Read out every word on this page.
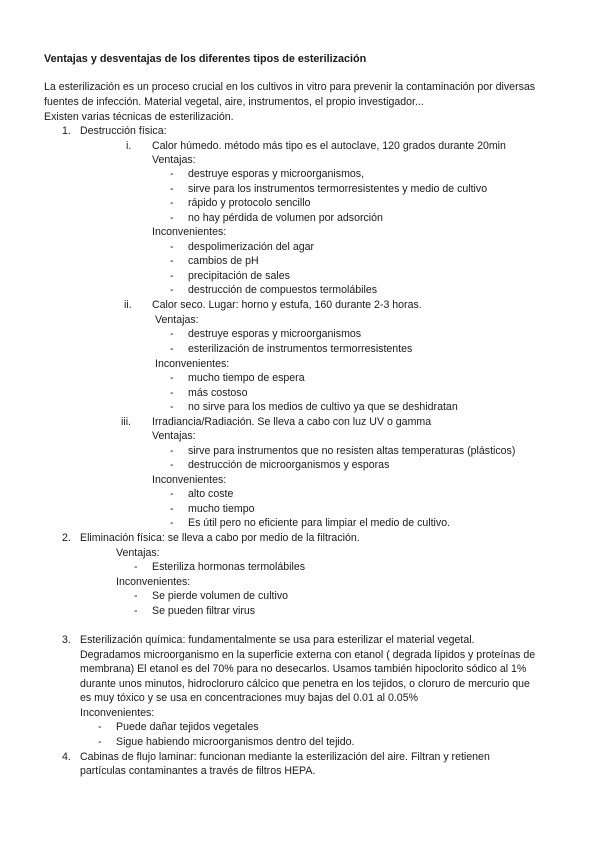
Ventajas y desventajas de los diferentes tipos de esterilización
La esterilización es un proceso crucial en los cultivos in vitro para prevenir la contaminación por diversas
fuentes de infección. Material vegetal, aire, instrumentos, el propio investigador...
Existen varias técnicas de esterilización.
1. Destrucción física:
i. Calor húmedo. método más tipo es el autoclave, 120 grados durante 20min
Ventajas:
- destruye esporas y microorganismos,
- sirve para los instrumentos termorresistentes y medio de cultivo
- rápido y protocolo sencillo
- no hay pérdida de volumen por adsorción
Inconvenientes:
- despolimerización del agar
- cambios de pH
- precipitación de sales
- destrucción de compuestos termolábiles
ii. Calor seco. Lugar: horno y estufa, 160 durante 2-3 horas.
Ventajas:
- destruye esporas y microorganismos
- esterilización de instrumentos termorresistentes
Inconvenientes:
- mucho tiempo de espera
- más costoso
- no sirve para los medios de cultivo ya que se deshidratan
iii. Irradiancia/Radiación. Se lleva a cabo con luz UV o gamma
Ventajas:
- sirve para instrumentos que no resisten altas temperaturas (plásticos)
- destrucción de microorganismos y esporas
Inconvenientes:
- alto coste
- mucho tiempo
- Es útil pero no eficiente para limpiar el medio de cultivo.
2. Eliminación física: se lleva a cabo por medio de la filtración.
Ventajas:
- Esteriliza hormonas termolábiles
Inconvenientes:
- Se pierde volumen de cultivo
- Se pueden filtrar virus
3. Esterilización química: fundamentalmente se usa para esterilizar el material vegetal.
Degradamos microorganismo en la superficie externa con etanol ( degrada lípidos y proteínas de
membrana) El etanol es del 70% para no desecarlos. Usamos también hipoclorito sódico al 1%
durante unos minutos, hidrocloruro cálcico que penetra en los tejidos, o cloruro de mercurio que
es muy tóxico y se usa en concentraciones muy bajas del 0.01 al 0.05%
Inconvenientes:
- Puede dañar tejidos vegetales
- Sigue habiendo microorganismos dentro del tejido.
4. Cabinas de flujo laminar: funcionan mediante la esterilización del aire. Filtran y retienen
partículas contaminantes a través de filtros HEPA.
